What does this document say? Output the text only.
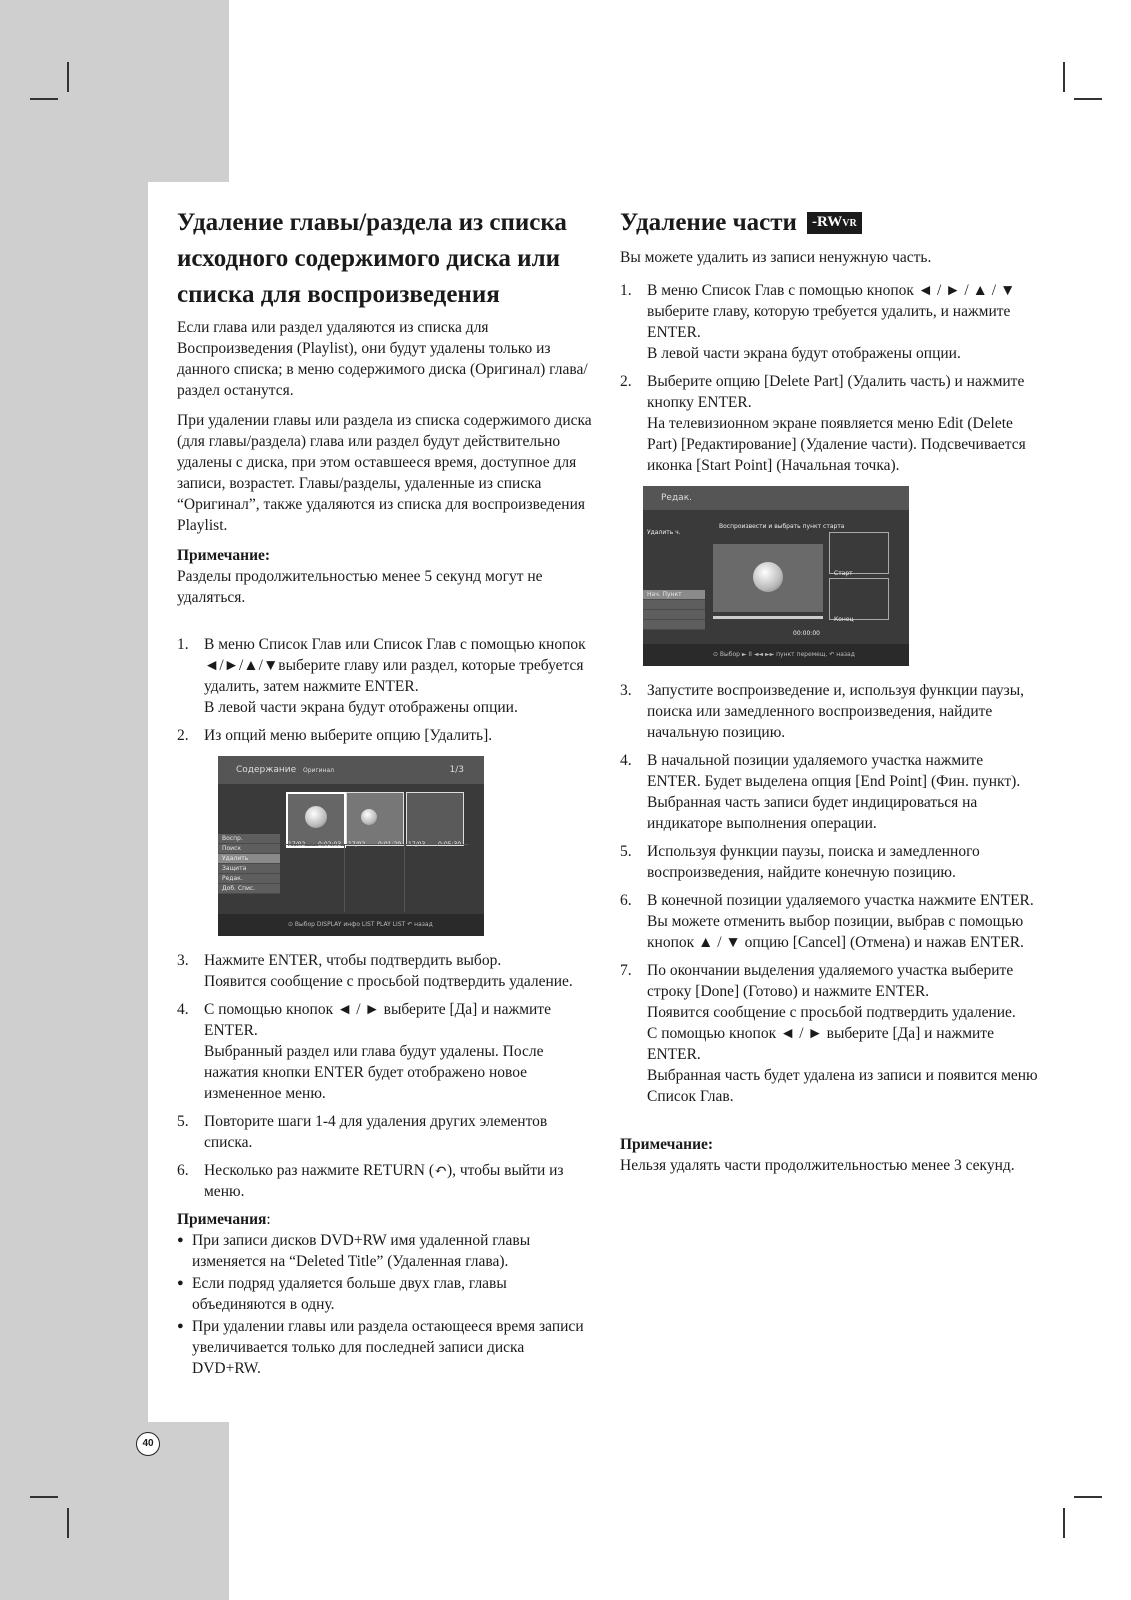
Удаление главы/раздела из списка исходного содержимого диска или списка для воспроизведения

Если глава или раздел удаляются из списка для Воспроизведения (Playlist), они будут удалены только из данного списка; в меню содержимого диска (Оригинал) глава/раздел останутся.

При удалении главы или раздела из списка содержимого диска (для главы/раздела) глава или раздел будут действительно удалены с диска, при этом оставшееся время, доступное для записи, возрастет. Главы/разделы, удаленные из списка “Оригинал”, также удаляются из списка для воспроизведения Playlist.

Примечание:

Разделы продолжительностью менее 5 секунд могут не удаляться.

1. В меню Список Глав или Список Глав с помощью кнопок ◄/►/▲/▼выберите главу или раздел, которые требуется удалить, затем нажмите ENTER.
В левой части экрана будут отображены опции.
2. Из опций меню выберите опцию [Удалить].
Содержание Оригинал	1/3
Воспр.
Поиск
Удалить
Защита
Редак.
Доб. Спис.
⊙ Выбор DISPLAY инфо LIST PLAY LIST ↶ назад
3. Нажмите ENTER, чтобы подтвердить выбор.
Появится сообщение с просьбой подтвердить удаление.
4. С помощью кнопок ◄ / ► выберите [Да] и нажмите ENTER.
Выбранный раздел или глава будут удалены. После нажатия кнопки ENTER будет отображено новое измененное меню.
5. Повторите шаги 1-4 для удаления других элементов списка.
6. Несколько раз нажмите RETURN (↶), чтобы выйти из меню.
Примечания:
● При записи дисков DVD+RW имя удаленной главы изменяется на “Deleted Title” (Удаленная глава).
● Если подряд удаляется больше двух глав, главы объединяются в одну.
● При удалении главы или раздела остающееся время записи увеличивается только для последней записи диска DVD+RW.
Удаление части	-RWVR

Вы можете удалить из записи ненужную часть.

1. В меню Список Глав с помощью кнопок ◄ / ► / ▲ / ▼ выберите главу, которую требуется удалить, и нажмите ENTER.
В левой части экрана будут отображены опции.
2. Выберите опцию [Delete Part] (Удалить часть) и нажмите кнопку ENTER.
На телевизионном экране появляется меню Edit (Delete Part) [Редактирование] (Удаление части). Подсвечивается иконка [Start Point] (Начальная точка).
Редак.
Удалить ч.
Воспроизвести и выбрать пункт старта
Старт
Конец
Нач. Пункт
00:00:00
⊙ Выбор ► II ◄◄ ►► пункт перемещ. ↶ назад
3. Запустите воспроизведение и, используя функции паузы, поиска или замедленного воспроизведения, найдите начальную позицию.
4. В начальной позиции удаляемого участка нажмите ENTER. Будет выделена опция [End Point] (Фин. пункт). Выбранная часть записи будет индицироваться на индикаторе выполнения операции.
5. Используя функции паузы, поиска и замедленного воспроизведения, найдите конечную позицию.
6. В конечной позиции удаляемого участка нажмите ENTER. Вы можете отменить выбор позиции, выбрав с помощью кнопок ▲ / ▼ опцию [Cancel] (Отмена) и нажав ENTER.
7. По окончании выделения удаляемого участка выберите строку [Done] (Готово) и нажмите ENTER.
Появится сообщение с просьбой подтвердить удаление.
С помощью кнопок ◄ / ► выберите [Да] и нажмите ENTER.
Выбранная часть будет удалена из записи и появится меню Список Глав.
Примечание:

Нельзя удалять части продолжительностью менее 3 секунд.

40
